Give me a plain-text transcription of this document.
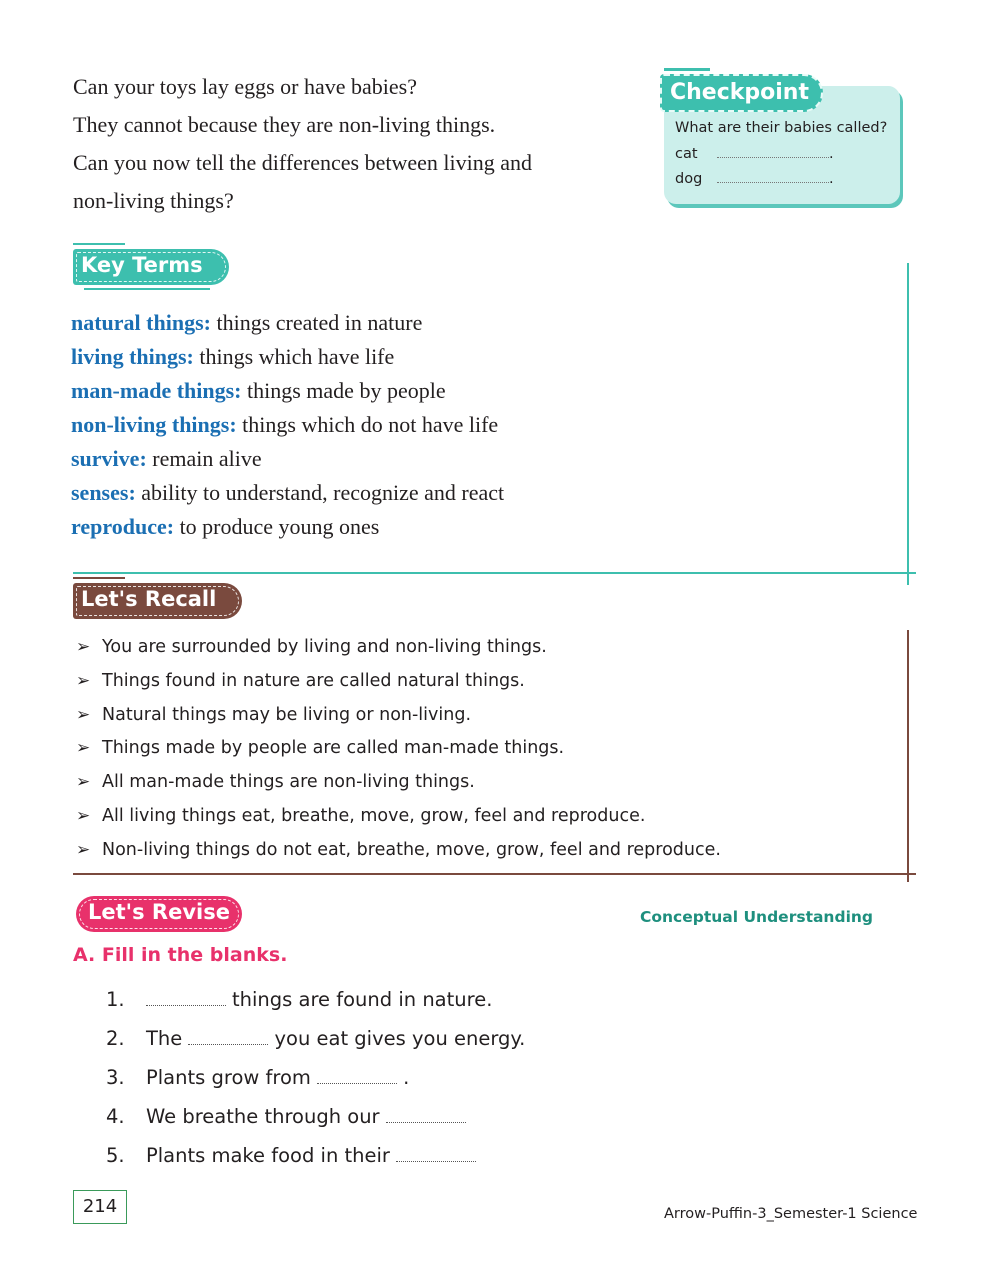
Can your toys lay eggs or have babies?
They cannot because they are non-living things.
Can you now tell the differences between living and
non-living things?
Checkpoint
What are their babies called?
cat	.
dog	.
Key Terms
natural things: things created in nature
living things: things which have life
man-made things: things made by people
non-living things: things which do not have life
survive: remain alive
senses: ability to understand, recognize and react
reproduce: to produce young ones
Let's Recall
➢ You are surrounded by living and non-living things.
➢ Things found in nature are called natural things.
➢ Natural things may be living or non-living.
➢ Things made by people are called man-made things.
➢ All man-made things are non-living things.
➢ All living things eat, breathe, move, grow, feel and reproduce.
➢ Non-living things do not eat, breathe, move, grow, feel and reproduce.
Let's Revise	Conceptual Understanding
A. Fill in the blanks.
1.	things are found in nature.
2. The	you eat gives you energy.
3. Plants grow from	.
4. We breathe through our
5. Plants make food in their
214	Arrow-Puffin-3_Semester-1 Science
